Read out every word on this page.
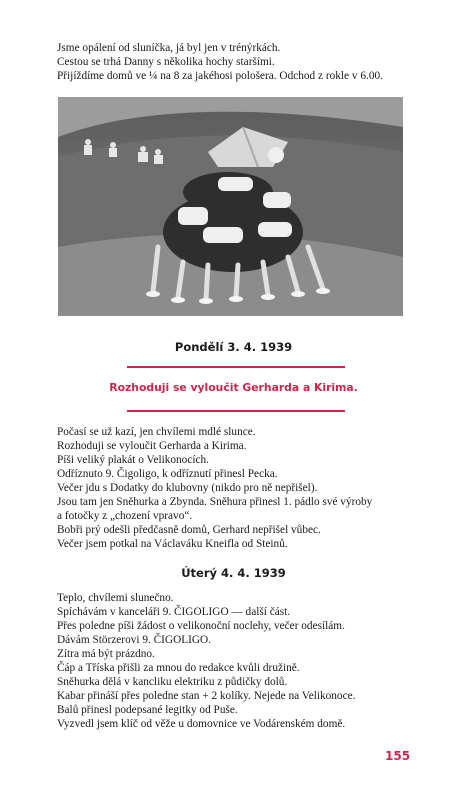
Jsme opálení od sluníčka, já byl jen v trénýrkách.
Cestou se trhá Danny s několika hochy staršími.
Přijíždíme domů ve ¼ na 8 za jakéhosi pološera. Odchod z rokle v 6.00.

Pondělí 3. 4. 1939

Rozhoduji se vyloučit Gerharda a Kirima.

Počasí se už kazí, jen chvílemi mdlé slunce.
Rozhoduji se vyloučit Gerharda a Kirima.
Píši veliký plakát o Velikonocích.
Odříznuto 9. Čigoligo, k odříznutí přinesl Pecka.
Večer jdu s Dodatky do klubovny (nikdo pro ně nepřišel).
Jsou tam jen Sněhurka a Zbynda. Sněhura přinesl 1. pádlo své výroby
a fotočky z „chození vpravo“.
Bobři prý odešli předčasně domů, Gerhard nepřišel vůbec.
Večer jsem potkal na Václaváku Kneifla od Steinů.

Úterý 4. 4. 1939

Teplo, chvílemi slunečno.
Spíchávám v kanceláři 9. ČIGOLIGO — další část.
Přes poledne píši žádost o velikonoční noclehy, večer odesílám.
Dávám Störzerovi 9. ČIGOLIGO.
Zítra má být prázdno.
Čáp a Tříska přišli za mnou do redakce kvůli družině.
Sněhurka dělá v kancliku elektriku z půdičky dolů.
Kabar přináší přes poledne stan + 2 kolíky. Nejede na Velikonoce.
Balů přinesl podepsané legitky od Puše.
Vyzvedl jsem klíč od věže u domovnice ve Vodárenském domě.

155
